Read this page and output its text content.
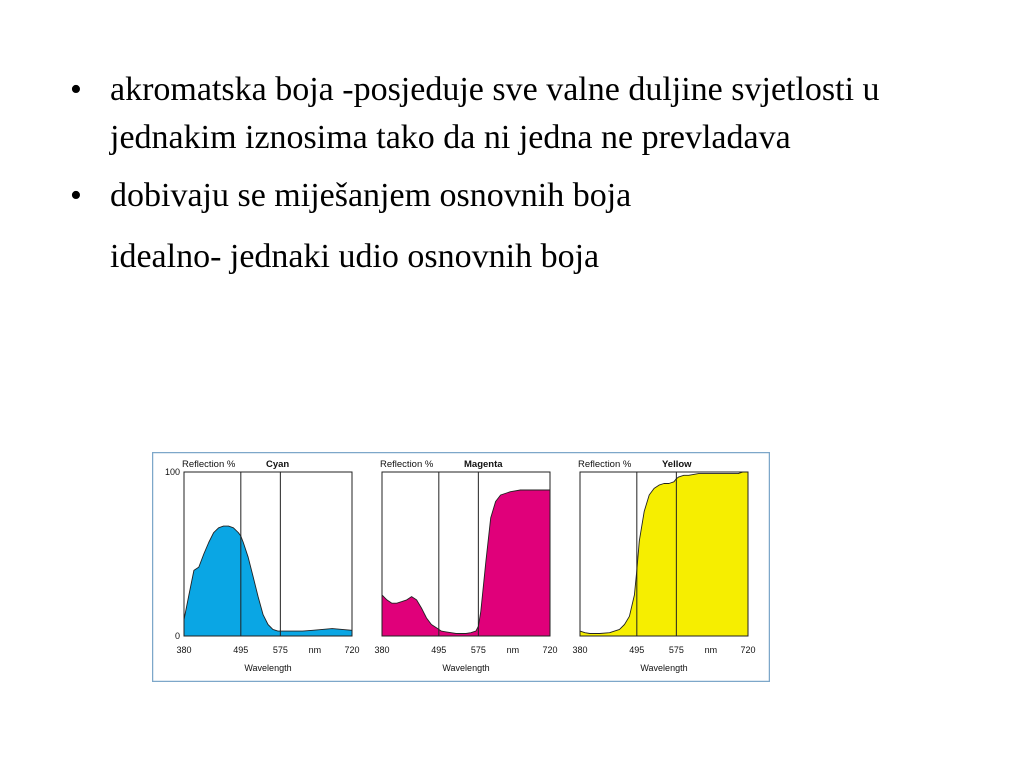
• akromatska boja -posjeduje sve valne duljine svjetlosti u jednakim iznosima tako da ni jedna ne prevladava
• dobivaju se miješanjem osnovnih boja
idealno- jednaki udio osnovnih boja
Reflection %	Cyan
380	495	575 nm	720
Wavelength
100
0
Reflection %	Magenta
380	495	575 nm	720
Wavelength
Reflection %	Yellow
380	495	575 nm	720
Wavelength
